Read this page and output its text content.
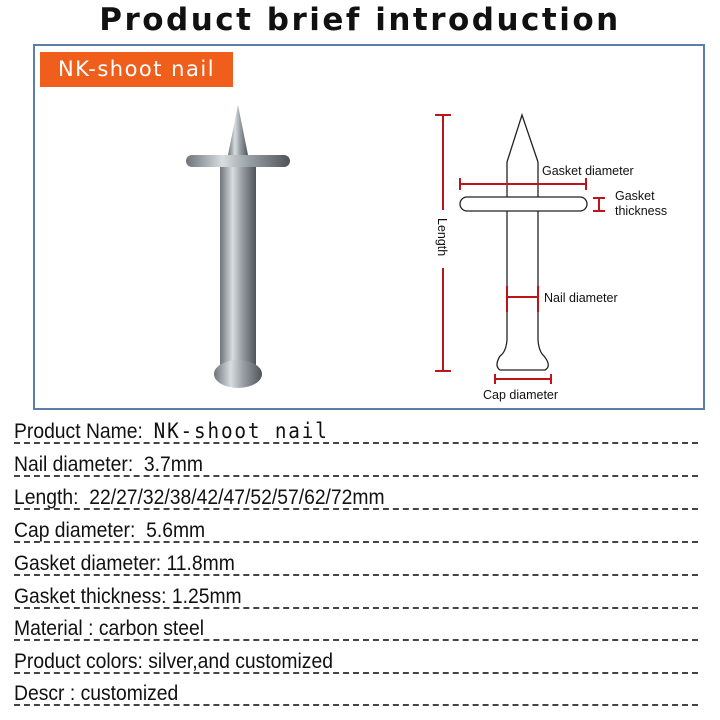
Product brief introduction
NK-shoot nail
Gasket diameter
Gasket
thickness
Length
Nail diameter
Cap diameter
Product Name: NK-shoot nail
Nail diameter: 3.7mm
Length: 22/27/32/38/42/47/52/57/62/72mm
Cap diameter: 5.6mm
Gasket diameter: 11.8mm
Gasket thickness: 1.25mm
Material : carbon steel
Product colors: silver,and customized
Descr : customized
